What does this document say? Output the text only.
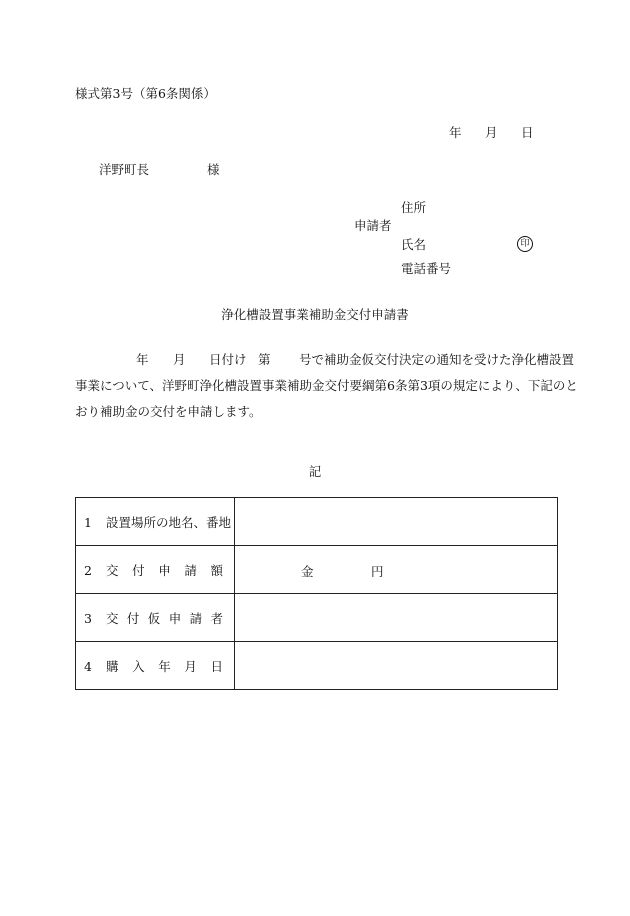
様式第3号（第6条関係）
年 月 日
洋野町長	様
住所
申請者
氏名	印
電話番号
浄化槽設置事業補助金交付申請書
年 月 日付け 第 号で補助金仮交付決定の通知を受けた浄化槽設置
事業について、洋野町浄化槽設置事業補助金交付要綱第6条第3項の規定により、下記のと
おり補助金の交付を申請します。
記
1 設置場所の地名、番地	
2 交付申請額	金 円

3 交付仮申請者	
4 購入年月日	
